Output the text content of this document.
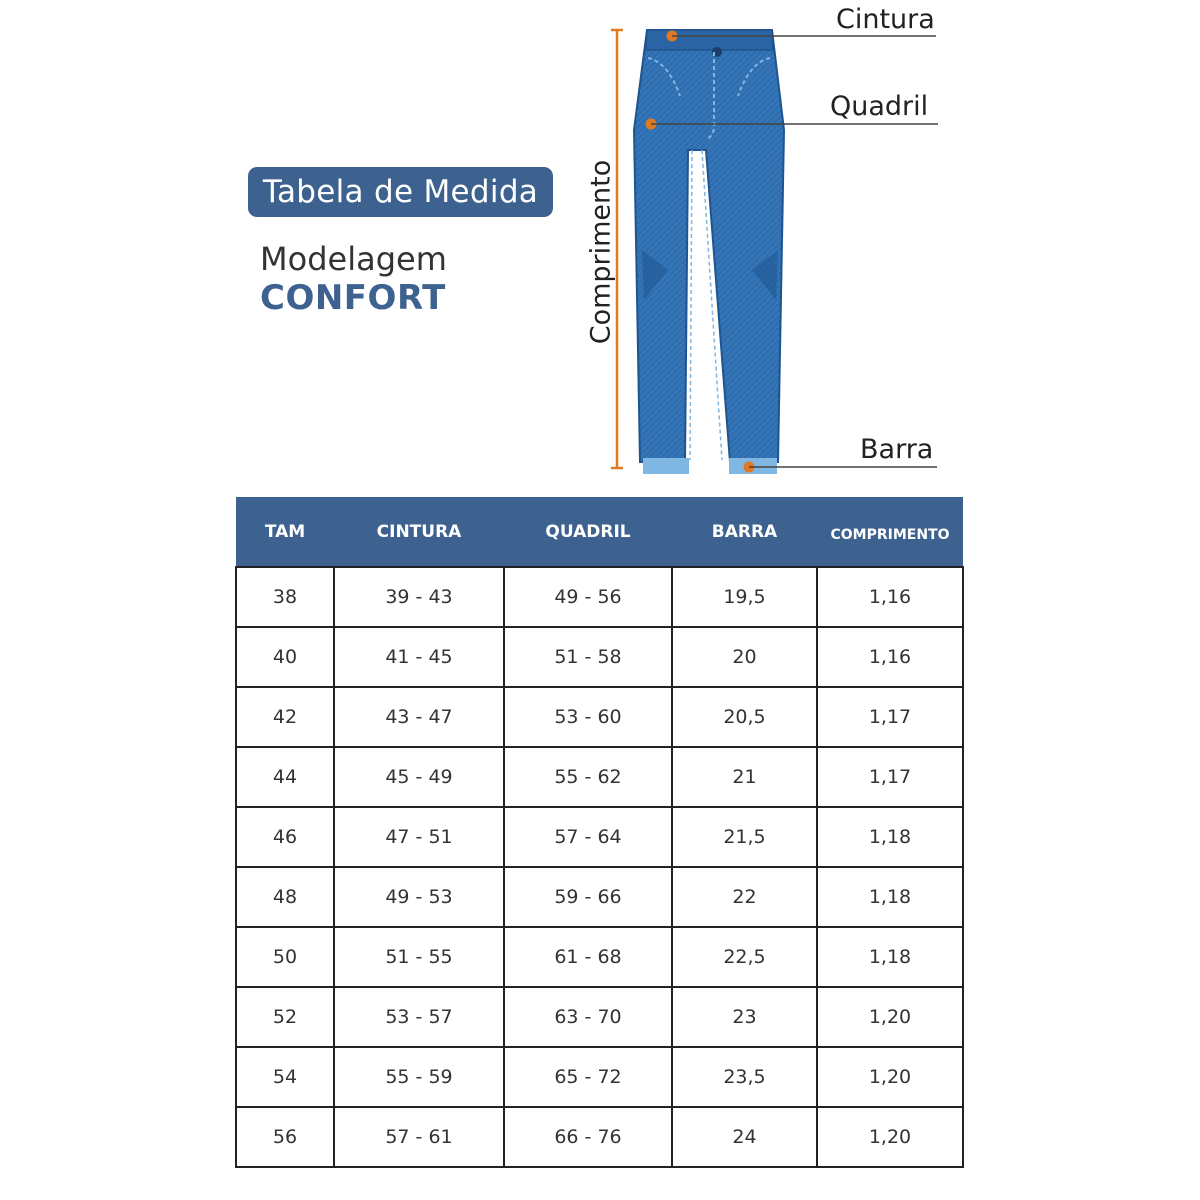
Tabela de Medida
Modelagem
CONFORT	Comprimento
Cintura
Quadril
Barra
TAM	CINTURA	QUADRIL	BARRA	COMPRIMENTO
38	39 - 43	49 - 56	19,5	1,16
40	41 - 45	51 - 58	20	1,16
42	43 - 47	53 - 60	20,5	1,17
44	45 - 49	55 - 62	21	1,17
46	47 - 51	57 - 64	21,5	1,18
48	49 - 53	59 - 66	22	1,18
50	51 - 55	61 - 68	22,5	1,18
52	53 - 57	63 - 70	23	1,20
54	55 - 59	65 - 72	23,5	1,20
56	57 - 61	66 - 76	24	1,20
